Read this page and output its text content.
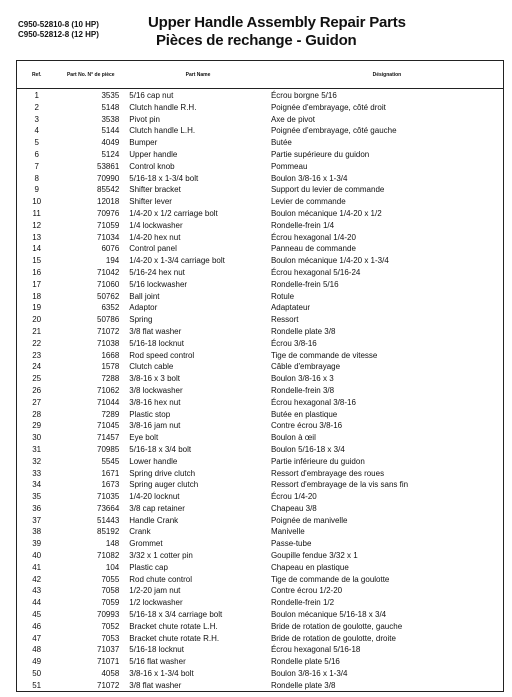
C950-52810-8 (10 HP)
C950-52812-8 (12 HP)
Upper Handle Assembly Repair Parts
Pièces de rechange - Guidon
Ref.	Part No. N° de pièce	Part Name	Désignation
1	3535	5/16 cap nut	Écrou borgne 5/16
2	5148	Clutch handle R.H.	Poignée d'embrayage, côté droit
3	3538	Pivot pin	Axe de pivot
4	5144	Clutch handle L.H.	Poignée d'embrayage, côté gauche
5	4049	Bumper	Butée
6	5124	Upper handle	Partie supérieure du guidon
7	53861	Control knob	Pommeau
8	70990	5/16-18 x 1-3/4 bolt	Boulon 3/8-16 x 1-3/4
9	85542	Shifter bracket	Support du levier de commande
10	12018	Shifter lever	Levier de commande
11	70976	1/4-20 x 1/2 carriage bolt	Boulon mécanique 1/4-20 x 1/2
12	71059	1/4 lockwasher	Rondelle-frein 1/4
13	71034	1/4-20 hex nut	Écrou hexagonal 1/4-20
14	6076	Control panel	Panneau de commande
15	194	1/4-20 x 1-3/4 carriage bolt	Boulon mécanique 1/4-20 x 1-3/4
16	71042	5/16-24 hex nut	Écrou hexagonal 5/16-24
17	71060	5/16 lockwasher	Rondelle-frein 5/16
18	50762	Ball joint	Rotule
19	6352	Adaptor	Adaptateur
20	50786	Spring	Ressort
21	71072	3/8 flat washer	Rondelle plate 3/8
22	71038	5/16-18 locknut	Écrou 3/8-16
23	1668	Rod speed control	Tige de commande de vitesse
24	1578	Clutch cable	Câble d'embrayage
25	7288	3/8-16 x 3 bolt	Boulon 3/8-16 x 3
26	71062	3/8 lockwasher	Rondelle-frein 3/8
27	71044	3/8-16 hex nut	Écrou hexagonal 3/8-16
28	7289	Plastic stop	Butée en plastique
29	71045	3/8-16 jam nut	Contre écrou 3/8-16
30	71457	Eye bolt	Boulon à œil
31	70985	5/16-18 x 3/4 bolt	Boulon 5/16-18 x 3/4
32	5545	Lower handle	Partie inférieure du guidon
33	1671	Spring drive clutch	Ressort d'embrayage des roues
34	1673	Spring auger clutch	Ressort d'embrayage de la vis sans fin
35	71035	1/4-20 locknut	Écrou 1/4-20
36	73664	3/8 cap retainer	Chapeau 3/8
37	51443	Handle Crank	Poignée de manivelle
38	85192	Crank	Manivelle
39	148	Grommet	Passe-tube
40	71082	3/32 x 1 cotter pin	Goupille fendue 3/32 x 1
41	104	Plastic cap	Chapeau en plastique
42	7055	Rod chute control	Tige de commande de la goulotte
43	7058	1/2-20 jam nut	Contre écrou 1/2-20
44	7059	1/2 lockwasher	Rondelle-frein 1/2
45	70993	5/16-18 x 3/4 carriage bolt	Boulon mécanique 5/16-18 x 3/4
46	7052	Bracket chute rotate L.H.	Bride de rotation de goulotte, gauche
47	7053	Bracket chute rotate R.H.	Bride de rotation de goulotte, droite
48	71037	5/16-18 locknut	Écrou hexagonal 5/16-18
49	71071	5/16 flat washer	Rondelle plate 5/16
50	4058	3/8-16 x 1-3/4 bolt	Boulon 3/8-16 x 1-3/4
51	71072	3/8 flat washer	Rondelle plate 3/8
